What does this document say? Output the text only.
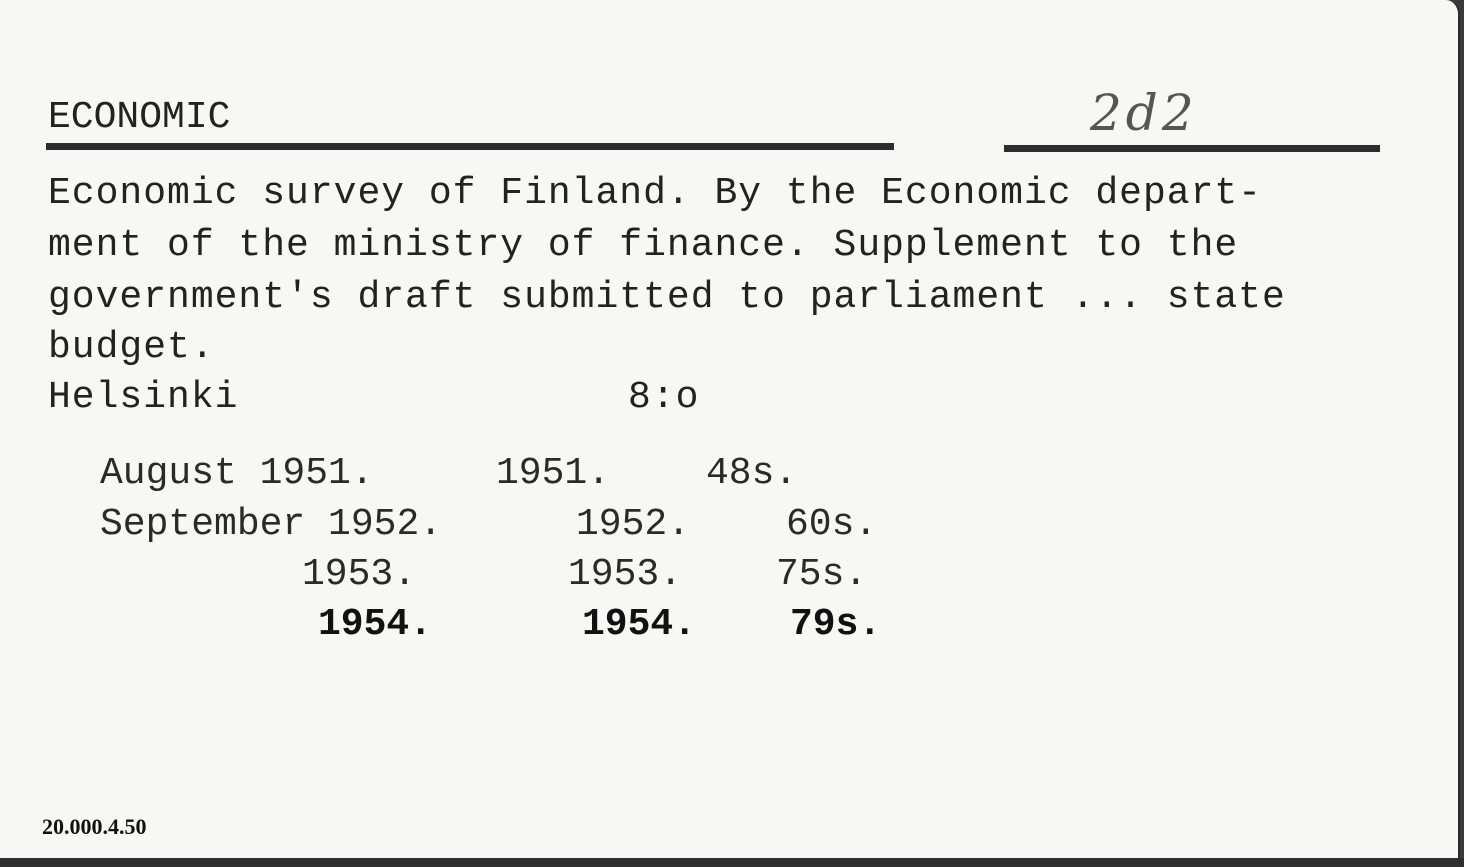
ECONOMIC	2d2
Economic survey of Finland. By the Economic depart-
ment of the ministry of finance. Supplement to the
government's draft submitted to parliament ... state
budget.
Helsinki	8:o
August 1951.	1951.	48s.
September 1952.	1952.	60s.
1953.	1953. 75s.
1954.	1954. 79s.
20.000.4.50
